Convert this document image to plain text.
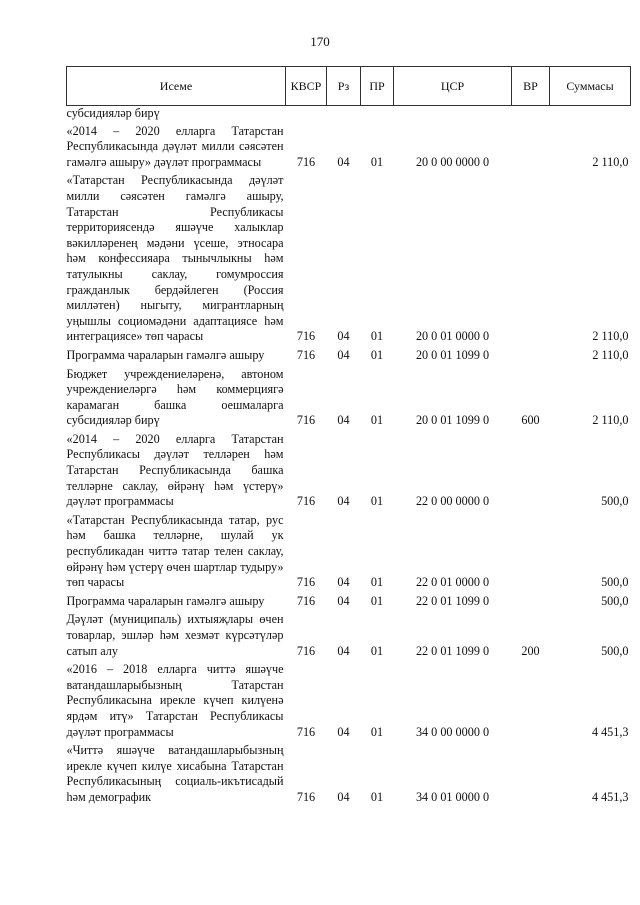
170
Исеме	КВСР	Рз	ПР	ЦСР	ВР	Суммасы
субсидияләр бирү						
«2014 – 2020 елларга Татарстан Республикасында дәүләт милли сәясәтен гамәлгә ашыру» дәүләт программасы	716	04	01	20 0 00 0000 0		2 110,0
«Татарстан Республикасында дәүләт милли сәясәтен гамәлгә ашыру, Татарстан Республикасы территориясендә яшәүче халыклар вәкилләренең мәдәни үсеше, этносара һәм конфессияара тынычлыкны һәм татулыкны саклау, гомумроссия гражданлык бердәйлеген (Россия милләтен) ныгыту, мигрантларның уңышлы социомәдәни адаптациясе һәм интеграциясе» төп чарасы	716	04	01	20 0 01 0000 0		2 110,0
Программа чараларын гамәлгә ашыру	716	04	01	20 0 01 1099 0		2 110,0
Бюджет учреждениеләренә, автоном учреждениеләргә һәм коммерциягә карамаган башка оешмаларга субсидияләр бирү	716	04	01	20 0 01 1099 0	600	2 110,0
«2014 – 2020 елларга Татарстан Республикасы дәүләт телләрен һәм Татарстан Республикасында башка телләрне саклау, өйрәнү һәм үстерү» дәүләт программасы	716	04	01	22 0 00 0000 0		500,0
«Татарстан Республикасында татар, рус һәм башка телләрне, шулай ук республикадан читтә татар телен саклау, өйрәнү һәм үстерү өчен шартлар тудыру» төп чарасы	716	04	01	22 0 01 0000 0		500,0
Программа чараларын гамәлгә ашыру	716	04	01	22 0 01 1099 0		500,0
Дәүләт (муниципаль) ихтыяҗлары өчен товарлар, эшләр һәм хезмәт күрсәтүләр сатып алу	716	04	01	22 0 01 1099 0	200	500,0
«2016 – 2018 елларга читтә яшәүче ватандашларыбызның Татарстан Республикасына ирекле күчеп килүенә ярдәм итү» Татарстан Республикасы дәүләт программасы	716	04	01	34 0 00 0000 0		4 451,3
«Читтә яшәүче ватандашларыбызның ирекле күчеп килүе хисабына Татарстан Республикасының социаль-икътисадый һәм демографик	716	04	01	34 0 01 0000 0		4 451,3
